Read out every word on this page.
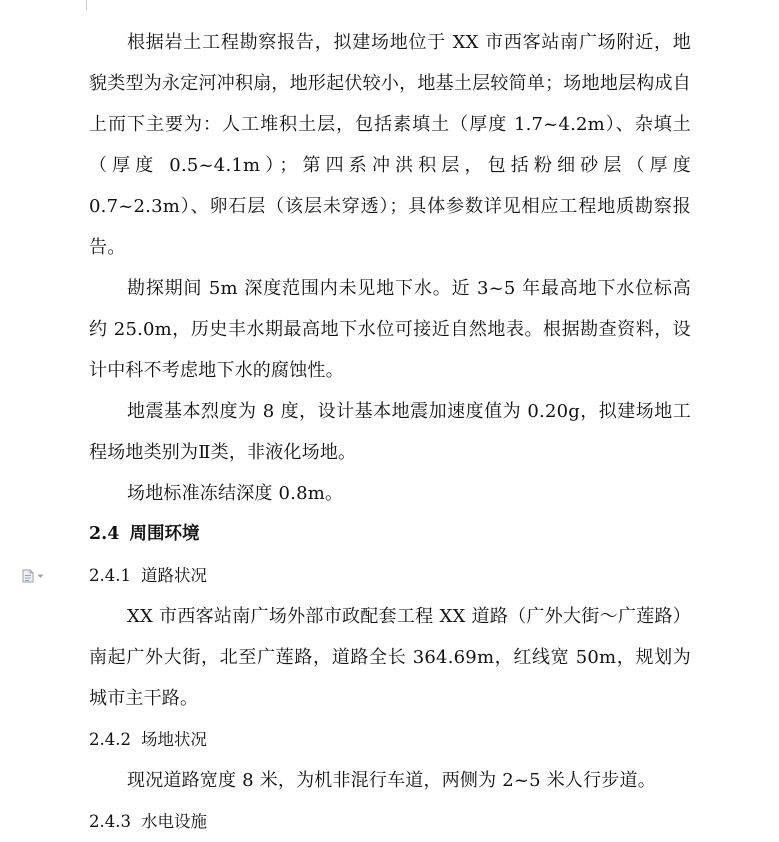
根据岩土工程勘察报告，拟建场地位于 XX 市西客站南广场附近，地貌类型为永定河冲积扇，地形起伏较小，地基土层较简单；场地地层构成自上而下主要为：人工堆积土层，包括素填土（厚度 1.7~4.2m）、杂填土（厚度 0.5~4.1m）；第四系冲洪积层，包括粉细砂层（厚度 0.7~2.3m）、卵石层（该层未穿透）；具体参数详见相应工程地质勘察报告。

勘探期间 5m 深度范围内未见地下水。近 3~5 年最高地下水位标高约 25.0m，历史丰水期最高地下水位可接近自然地表。根据勘查资料，设计中科不考虑地下水的腐蚀性。

地震基本烈度为 8 度，设计基本地震加速度值为 0.20g，拟建场地工程场地类别为Ⅱ类，非液化场地。

场地标准冻结深度 0.8m。

2.4 周围环境
2.4.1 道路状况

XX 市西客站南广场外部市政配套工程 XX 道路（广外大街～广莲路）南起广外大街，北至广莲路，道路全长 364.69m，红线宽 50m，规划为城市主干路。

2.4.2 场地状况

现况道路宽度 8 米，为机非混行车道，两侧为 2~5 米人行步道。

2.4.3 水电设施
